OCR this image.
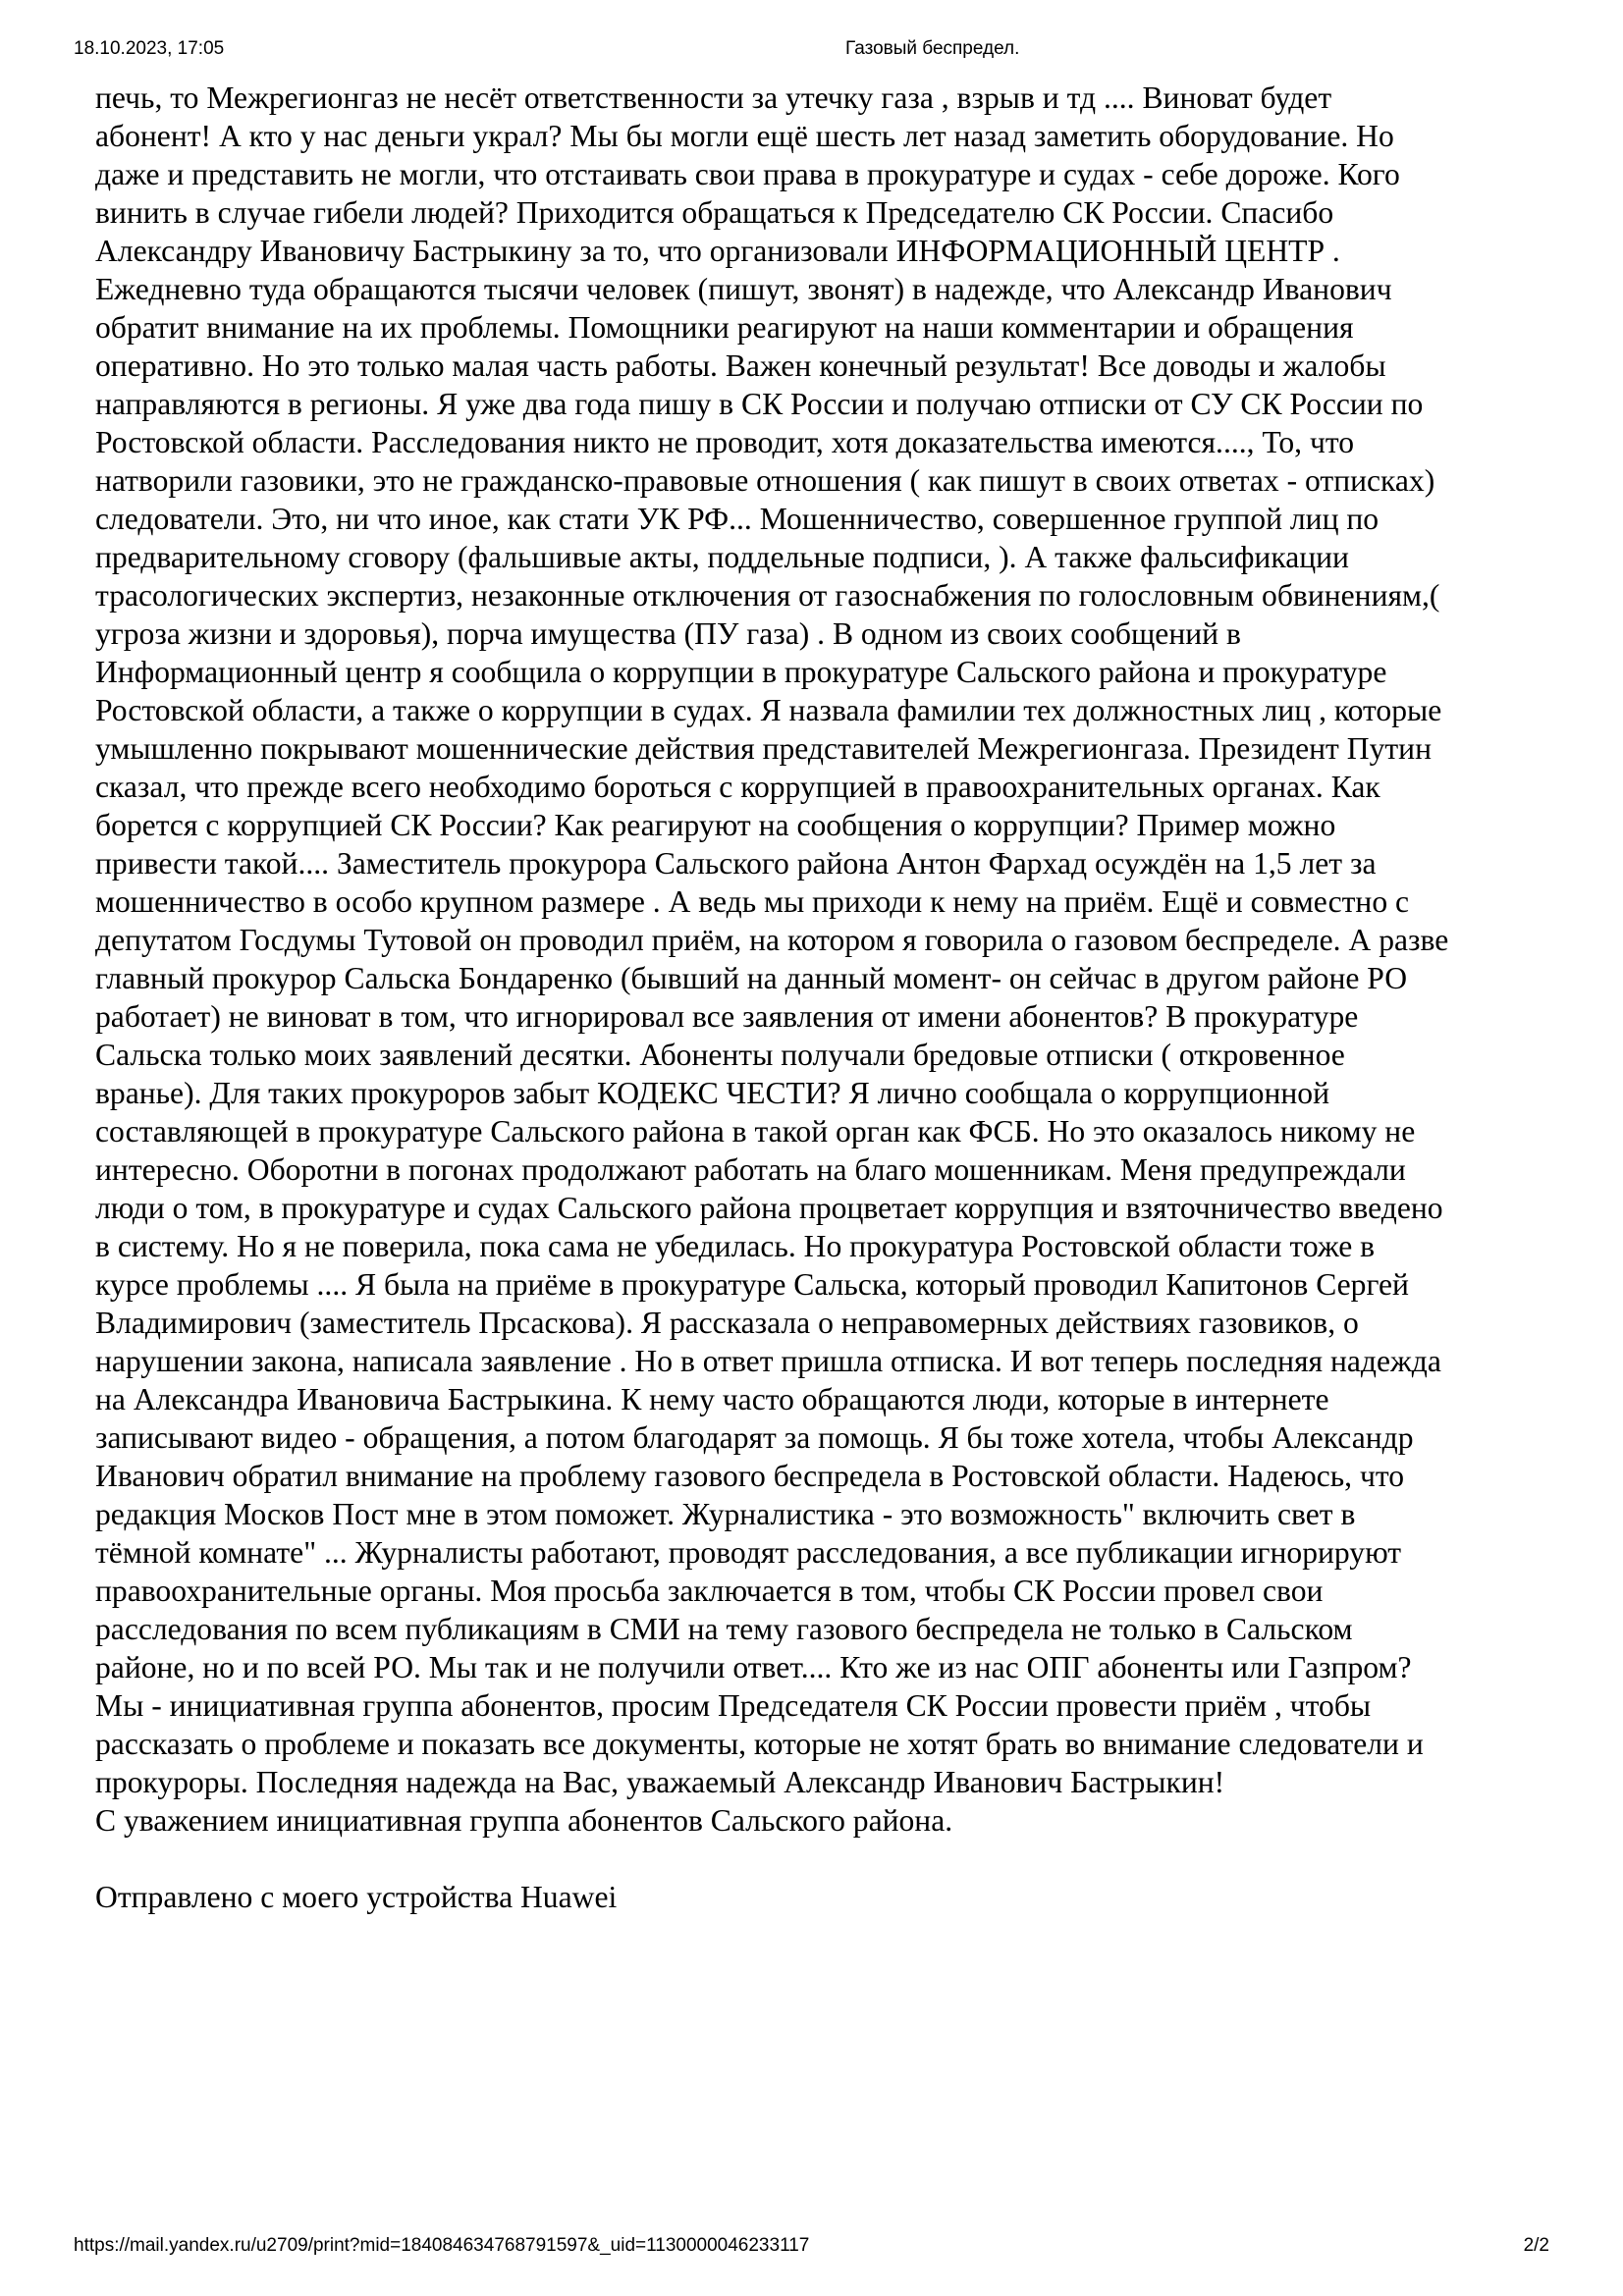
18.10.2023, 17:05	Газовый беспредел.

печь, то Межрегионгаз не несёт ответственности за утечку газа , взрыв и тд .... Виноват будет

абонент! А кто у нас деньги украл? Мы бы могли ещё шесть лет назад заметить оборудование. Но

даже и представить не могли, что отстаивать свои права в прокуратуре и судах - себе дороже. Кого

винить в случае гибели людей? Приходится обращаться к Председателю СК России. Спасибо

Александру Ивановичу Бастрыкину за то, что организовали ИНФОРМАЦИОННЫЙ ЦЕНТР .

Ежедневно туда обращаются тысячи человек (пишут, звонят) в надежде, что Александр Иванович

обратит внимание на их проблемы. Помощники реагируют на наши комментарии и обращения

оперативно. Но это только малая часть работы. Важен конечный результат! Все доводы и жалобы

направляются в регионы. Я уже два года пишу в СК России и получаю отписки от СУ СК России по

Ростовской области. Расследования никто не проводит, хотя доказательства имеются...., То, что

натворили газовики, это не гражданско-правовые отношения ( как пишут в своих ответах - отписках)

следователи. Это, ни что иное, как стати УК РФ... Мошенничество, совершенное группой лиц по

предварительному сговору (фальшивые акты, поддельные подписи, ). А также фальсификации

трасологических экспертиз, незаконные отключения от газоснабжения по голословным обвинениям,(

угроза жизни и здоровья), порча имущества (ПУ газа) . В одном из своих сообщений в

Информационный центр я сообщила о коррупции в прокуратуре Сальского района и прокуратуре

Ростовской области, а также о коррупции в судах. Я назвала фамилии тех должностных лиц , которые

умышленно покрывают мошеннические действия представителей Межрегионгаза. Президент Путин

сказал, что прежде всего необходимо бороться с коррупцией в правоохранительных органах. Как

борется с коррупцией СК России? Как реагируют на сообщения о коррупции? Пример можно

привести такой.... Заместитель прокурора Сальского района Антон Фархад осуждён на 1,5 лет за

мошенничество в особо крупном размере . А ведь мы приходи к нему на приём. Ещё и совместно с

депутатом Госдумы Тутовой он проводил приём, на котором я говорила о газовом беспределе. А разве

главный прокурор Сальска Бондаренко (бывший на данный момент- он сейчас в другом районе РО

работает) не виноват в том, что игнорировал все заявления от имени абонентов? В прокуратуре

Сальска только моих заявлений десятки. Абоненты получали бредовые отписки ( откровенное

вранье). Для таких прокуроров забыт КОДЕКС ЧЕСТИ? Я лично сообщала о коррупционной

составляющей в прокуратуре Сальского района в такой орган как ФСБ. Но это оказалось никому не

интересно. Оборотни в погонах продолжают работать на благо мошенникам. Меня предупреждали

люди о том, в прокуратуре и судах Сальского района процветает коррупция и взяточничество введено

в систему. Но я не поверила, пока сама не убедилась. Но прокуратура Ростовской области тоже в

курсе проблемы .... Я была на приёме в прокуратуре Сальска, который проводил Капитонов Сергей

Владимирович (заместитель Прсаскова). Я рассказала о неправомерных действиях газовиков, о

нарушении закона, написала заявление . Но в ответ пришла отписка. И вот теперь последняя надежда

на Александра Ивановича Бастрыкина. К нему часто обращаются люди, которые в интернете

записывают видео - обращения, а потом благодарят за помощь. Я бы тоже хотела, чтобы Александр

Иванович обратил внимание на проблему газового беспредела в Ростовской области. Надеюсь, что

редакция Москов Пост мне в этом поможет. Журналистика - это возможность" включить свет в

тёмной комнате" ... Журналисты работают, проводят расследования, а все публикации игнорируют

правоохранительные органы. Моя просьба заключается в том, чтобы СК России провел свои

расследования по всем публикациям в СМИ на тему газового беспредела не только в Сальском

районе, но и по всей РО. Мы так и не получили ответ.... Кто же из нас ОПГ абоненты или Газпром?

Мы - инициативная группа абонентов, просим Председателя СК России провести приём , чтобы

рассказать о проблеме и показать все документы, которые не хотят брать во внимание следователи и

прокуроры. Последняя надежда на Вас, уважаемый Александр Иванович Бастрыкин!

С уважением инициативная группа абонентов Сальского района.

Отправлено с моего устройства Huawei

https://mail.yandex.ru/u2709/print?mid=184084634768791597&_uid=1130000046233117	2/2
